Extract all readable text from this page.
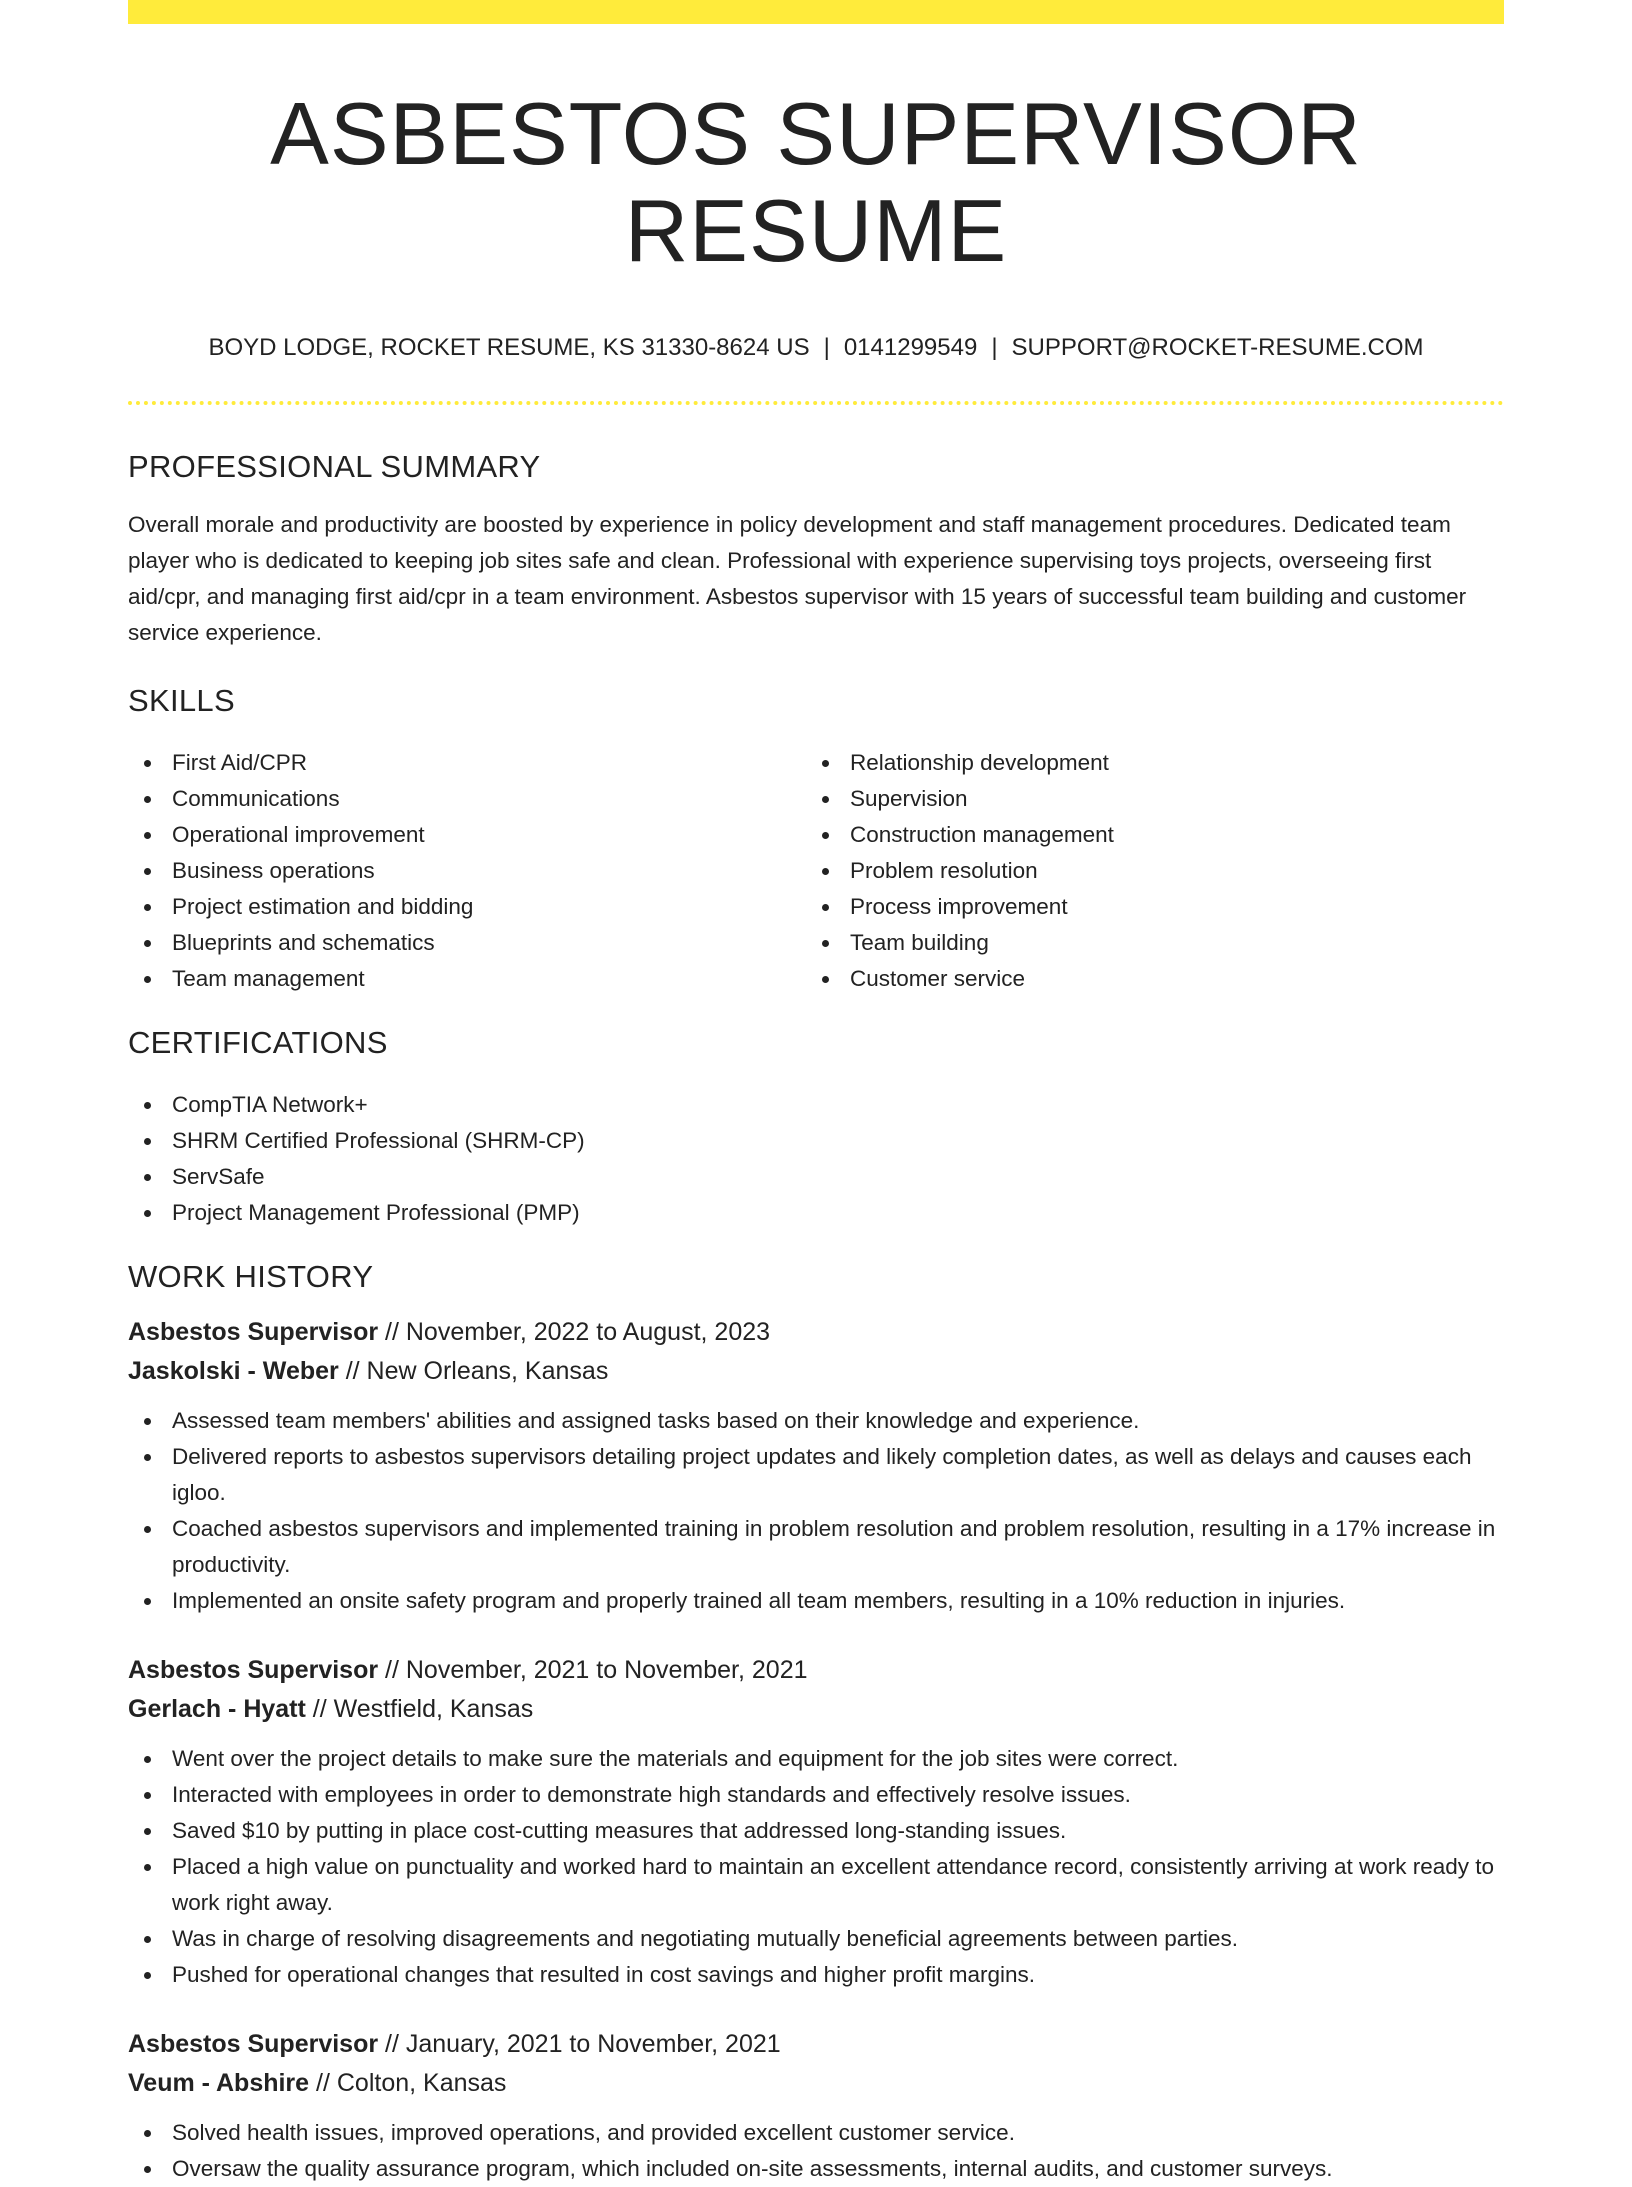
ASBESTOS SUPERVISOR RESUME
BOYD LODGE, ROCKET RESUME, KS 31330-8624 US | 0141299549 | SUPPORT@ROCKET-RESUME.COM
PROFESSIONAL SUMMARY

Overall morale and productivity are boosted by experience in policy development and staff management procedures. Dedicated team player who is dedicated to keeping job sites safe and clean. Professional with experience supervising toys projects, overseeing first aid/cpr, and managing first aid/cpr in a team environment. Asbestos supervisor with 15 years of successful team building and customer service experience.

SKILLS
First Aid/CPR
Communications
Operational improvement
Business operations
Project estimation and bidding
Blueprints and schematics
Team management
Relationship development
Supervision
Construction management
Problem resolution
Process improvement
Team building
Customer service
CERTIFICATIONS
CompTIA Network+
SHRM Certified Professional (SHRM-CP)
ServSafe
Project Management Professional (PMP)
WORK HISTORY
Asbestos Supervisor // November, 2022 to August, 2023
Jaskolski - Weber // New Orleans, Kansas
Assessed team members' abilities and assigned tasks based on their knowledge and experience.
Delivered reports to asbestos supervisors detailing project updates and likely completion dates, as well as delays and causes each igloo.
Coached asbestos supervisors and implemented training in problem resolution and problem resolution, resulting in a 17% increase in productivity.
Implemented an onsite safety program and properly trained all team members, resulting in a 10% reduction in injuries.
Asbestos Supervisor // November, 2021 to November, 2021
Gerlach - Hyatt // Westfield, Kansas
Went over the project details to make sure the materials and equipment for the job sites were correct.
Interacted with employees in order to demonstrate high standards and effectively resolve issues.
Saved $10 by putting in place cost-cutting measures that addressed long-standing issues.
Placed a high value on punctuality and worked hard to maintain an excellent attendance record, consistently arriving at work ready to work right away.
Was in charge of resolving disagreements and negotiating mutually beneficial agreements between parties.
Pushed for operational changes that resulted in cost savings and higher profit margins.
Asbestos Supervisor // January, 2021 to November, 2021
Veum - Abshire // Colton, Kansas
Solved health issues, improved operations, and provided excellent customer service.
Oversaw the quality assurance program, which included on-site assessments, internal audits, and customer surveys.
